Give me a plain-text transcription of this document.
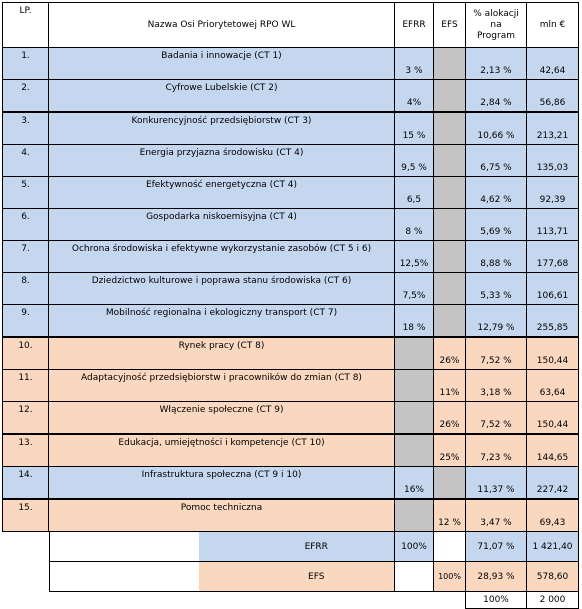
LP.	Nazwa Osi Priorytetowej RPO WL	EFRR	EFS	% alokacji na Program	mln €
1.	Badania i innowacje (CT 1)	3 %		2,13 %	42,64
2.	Cyfrowe Lubelskie (CT 2)	4%		2,84 %	56,86
3.	Konkurencyjność przedsiębiorstw (CT 3)	15 %		10,66 %	213,21
4.	Energia przyjazna środowisku (CT 4)	9,5 %		6,75 %	135,03
5.	Efektywność energetyczna (CT 4)	6,5		4,62 %	92,39
6.	Gospodarka niskoemisyjna (CT 4)	8 %		5,69 %	113,71
7.	Ochrona środowiska i efektywne wykorzystanie zasobów (CT 5 i 6)	12,5%		8,88 %	177,68
8.	Dziedzictwo kulturowe i poprawa stanu środowiska (CT 6)	7,5%		5,33 %	106,61
9.	Mobilność regionalna i ekologiczny transport (CT 7)	18 %		12,79 %	255,85
10.	Rynek pracy (CT 8)		26%	7,52 %	150,44
11.	Adaptacyjność przedsiębiorstw i pracowników do zmian (CT 8)		11%	3,18 %	63,64
12.	Włączenie społeczne (CT 9)		26%	7,52 %	150,44
13.	Edukacja, umiejętności i kompetencje (CT 10)		25%	7,23 %	144,65
14.	Infrastruktura społeczna (CT 9 i 10)	16%		11,37 %	227,42
15.	Pomoc techniczna		12 %	3,47 %	69,43
	EFRR	100%		71,07 %	1 421,40
	EFS		100%	28,93 %	578,60
				100%	2 000
